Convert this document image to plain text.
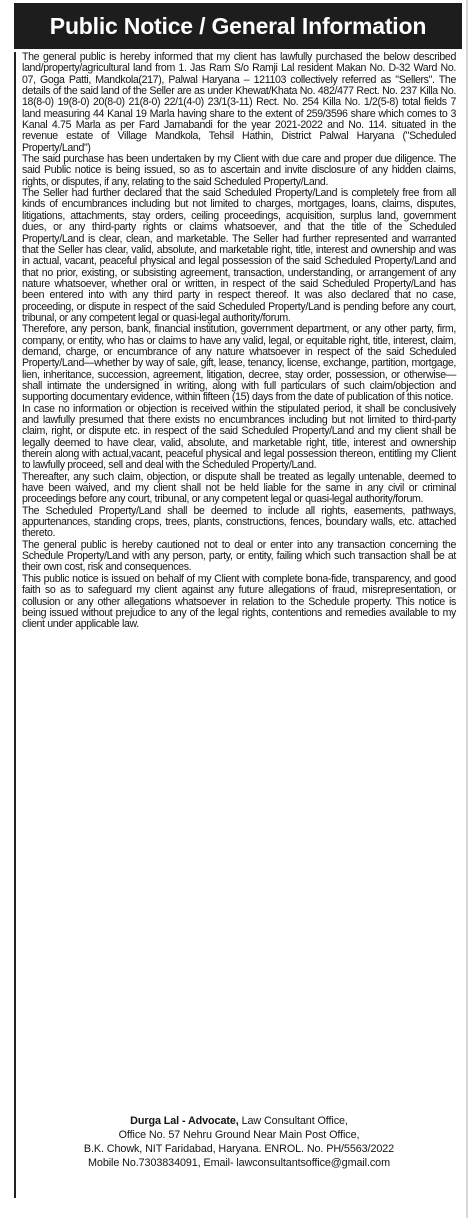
Public Notice / General Information

The general public is hereby informed that my client has lawfully purchased the below described land/property/agricultural land from 1. Jas Ram S/o Ramji Lal resident Makan No. D-32 Ward No. 07, Goga Patti, Mandkola(217), Palwal Haryana – 121103 collectively referred as "Sellers". The details of the said land of the Seller are as under Khewat/Khata No. 482/477 Rect. No. 237 Killa No. 18(8-0) 19(8-0) 20(8-0) 21(8-0) 22/1(4-0) 23/1(3-11) Rect. No. 254 Killa No. 1/2(5-8) total fields 7 land measuring 44 Kanal 19 Marla having share to the extent of 259/3596 share which comes to 3 Kanal 4.75 Marla as per Fard Jamabandi for the year 2021-2022 and No. 114. situated in the revenue estate of Village Mandkola, Tehsil Hathin, District Palwal Haryana ("Scheduled Property/Land")

The said purchase has been undertaken by my Client with due care and proper due diligence. The said Public notice is being issued, so as to ascertain and invite disclosure of any hidden claims, rights, or disputes, if any, relating to the said Scheduled Property/Land.

The Seller had further declared that the said Scheduled Property/Land is completely free from all kinds of encumbrances including but not limited to charges, mortgages, loans, claims, disputes, litigations, attachments, stay orders, ceiling proceedings, acquisition, surplus land, government dues, or any third-party rights or claims whatsoever, and that the title of the Scheduled Property/Land is clear, clean, and marketable. The Seller had further represented and warranted that the Seller has clear, valid, absolute, and marketable right, title, interest and ownership and was in actual, vacant, peaceful physical and legal possession of the said Scheduled Property/Land and that no prior, existing, or subsisting agreement, transaction, understanding, or arrangement of any nature whatsoever, whether oral or written, in respect of the said Scheduled Property/Land has been entered into with any third party in respect thereof. It was also declared that no case, proceeding, or dispute in respect of the said Scheduled Property/Land is pending before any court, tribunal, or any competent legal or quasi-legal authority/forum.

Therefore, any person, bank, financial institution, government department, or any other party, firm, company, or entity, who has or claims to have any valid, legal, or equitable right, title, interest, claim, demand, charge, or encumbrance of any nature whatsoever in respect of the said Scheduled Property/Land—whether by way of sale, gift, lease, tenancy, license, exchange, partition, mortgage, lien, inheritance, succession, agreement, litigation, decree, stay order, possession, or otherwise—shall intimate the undersigned in writing, along with full particulars of such claim/objection and supporting documentary evidence, within fifteen (15) days from the date of publication of this notice.

In case no information or objection is received within the stipulated period, it shall be conclusively and lawfully presumed that there exists no encumbrances including but not limited to third-party claim, right, or dispute etc. in respect of the said Scheduled Property/Land and my client shall be legally deemed to have clear, valid, absolute, and marketable right, title, interest and ownership therein along with actual,vacant, peaceful physical and legal possession thereon, entitling my Client to lawfully proceed, sell and deal with the Scheduled Property/Land.

Thereafter, any such claim, objection, or dispute shall be treated as legally untenable, deemed to have been waived, and my client shall not be held liable for the same in any civil or criminal proceedings before any court, tribunal, or any competent legal or quasi-legal authority/forum.

The Scheduled Property/Land shall be deemed to include all rights, easements, pathways, appurtenances, standing crops, trees, plants, constructions, fences, boundary walls, etc. attached thereto.

The general public is hereby cautioned not to deal or enter into any transaction concerning the Schedule Property/Land with any person, party, or entity, failing which such transaction shall be at their own cost, risk and consequences.

This public notice is issued on behalf of my Client with complete bona-fide, transparency, and good faith so as to safeguard my client against any future allegations of fraud, misrepresentation, or collusion or any other allegations whatsoever in relation to the Schedule property. This notice is being issued without prejudice to any of the legal rights, contentions and remedies available to my client under applicable law.

Durga Lal - Advocate, Law Consultant Office,
Office No. 57 Nehru Ground Near Main Post Office,
B.K. Chowk, NIT Faridabad, Haryana. ENROL. No. PH/5563/2022
Mobile No.7303834091, Email- lawconsultantsoffice@gmail.com
